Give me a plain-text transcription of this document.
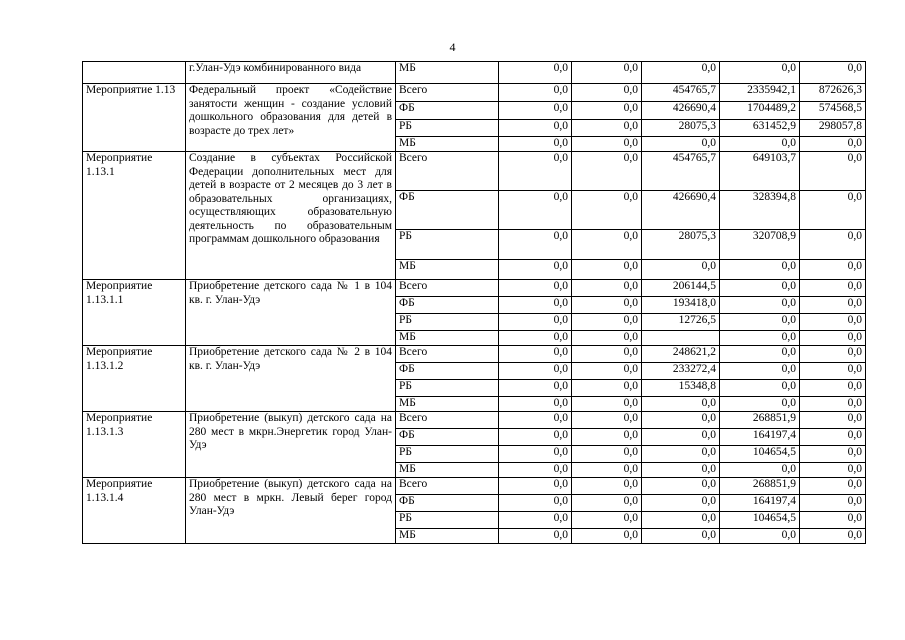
4
	г.Улан-Удэ комбинированного вида	МБ	0,0	0,0	0,0	0,0	0,0
Мероприятие 1.13	Федеральный проект «Содействие занятости женщин - создание условий дошкольного образования для детей в возрасте до трех лет»	Всего	0,0	0,0	454765,7	2335942,1	872626,3
		ФБ	0,0	0,0	426690,4	1704489,2	574568,5
		РБ	0,0	0,0	28075,3	631452,9	298057,8
		МБ	0,0	0,0	0,0	0,0	0,0
Мероприятие 1.13.1	Создание в субъектах Российской Федерации дополнительных мест для детей в возрасте от 2 месяцев до 3 лет в образовательных организациях, осуществляющих образовательную деятельность по образовательным программам дошкольного образования	Всего	0,0	0,0	454765,7	649103,7	0,0
		ФБ	0,0	0,0	426690,4	328394,8	0,0
		РБ	0,0	0,0	28075,3	320708,9	0,0
		МБ	0,0	0,0	0,0	0,0	0,0
Мероприятие 1.13.1.1	Приобретение детского сада № 1 в 104 кв. г. Улан-Удэ	Всего	0,0	0,0	206144,5	0,0	0,0
		ФБ	0,0	0,0	193418,0	0,0	0,0
		РБ	0,0	0,0	12726,5	0,0	0,0
		МБ	0,0	0,0		0,0	0,0
Мероприятие 1.13.1.2	Приобретение детского сада № 2 в 104 кв. г. Улан-Удэ	Всего	0,0	0,0	248621,2	0,0	0,0
		ФБ	0,0	0,0	233272,4	0,0	0,0
		РБ	0,0	0,0	15348,8	0,0	0,0
		МБ	0,0	0,0	0,0	0,0	0,0
Мероприятие 1.13.1.3	Приобретение (выкуп) детского сада на 280 мест в мкрн.Энергетик город Улан-Удэ	Всего	0,0	0,0	0,0	268851,9	0,0
		ФБ	0,0	0,0	0,0	164197,4	0,0
		РБ	0,0	0,0	0,0	104654,5	0,0
		МБ	0,0	0,0	0,0	0,0	0,0
Мероприятие 1.13.1.4	Приобретение (выкуп) детского сада на 280 мест в мркн. Левый берег город Улан-Удэ	Всего	0,0	0,0	0,0	268851,9	0,0
		ФБ	0,0	0,0	0,0	164197,4	0,0
		РБ	0,0	0,0	0,0	104654,5	0,0
		МБ	0,0	0,0	0,0	0,0	0,0
